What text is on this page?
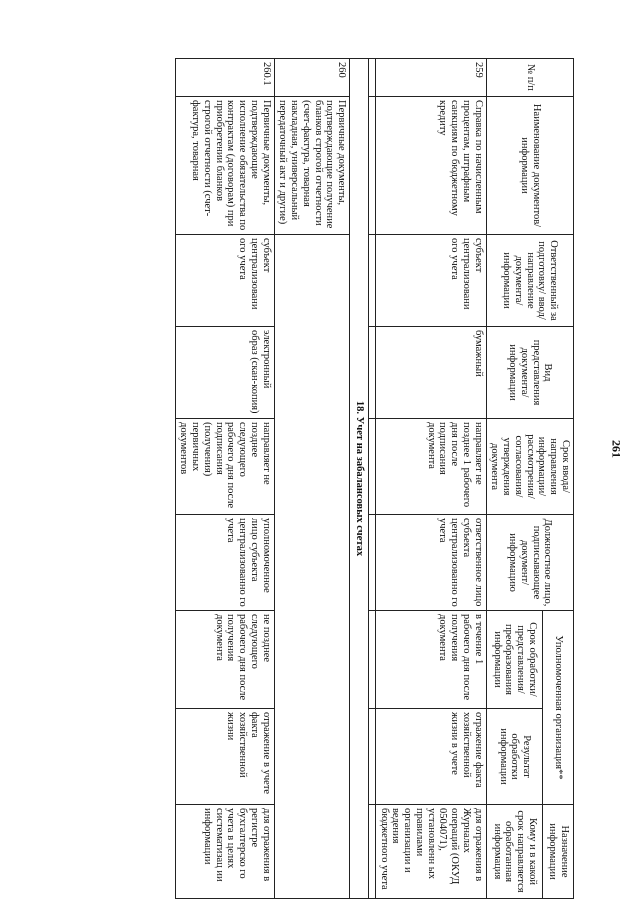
261
№ п/п	Наименование документов/информации	Ответственный за подготовку/ ввод/ направление документа/ информации	Вид представления документа/ информации	Срок ввода/ направления информации/ рассмотрения/ согласования/ утверждения документа	Должностное лицо, подписывающее документ/ информацию	Уполномоченная организация**		Назначение информации
						Срок обработки/ представления/ преобразования информации	Результат обработки информации	Кому и в какой срок направляется обработанная информация
259	Справка по начисленным процентам, штрафным санкциям по бюджетному кредиту	субъект централизовани ого учета	бумажный	направляет не позднее 1 рабочего дня после подписания документа	ответственное лицо субъекта централизованно го учета	в течение 1 рабочего дня после получения документа	отражение факта хозяйственной жизни в учете	для отражения в Журналах операций (ОКУД 0504071), установленн ых правилами организации и ведения бюджетного учета

18. Учет на забалансовых счетах								
260	Первичные документы, подтверждающие получение бланков строгой отчетности (счет-фактура, товарная накладная, универсальный передаточный акт и другие)							
260.1	Первичные документы, подтверждающие исполнение обязательства по контрактам (договорам) при приобретении бланков строгой отчетности (счет-фактура, товарная	субъект централизовани ого учета	электронный образ (скан-копия)	направляет не позднее следующего рабочего дня после подписания (получения) первичных документов	уполномоченное лицо субъекта централизованно го учета	не позднее следующего рабочего дня после получения документа	отражение в учете факта хозяйственной жизни	для отражения в регистре бухгалтерско го учета в целях систематизац ии информации
